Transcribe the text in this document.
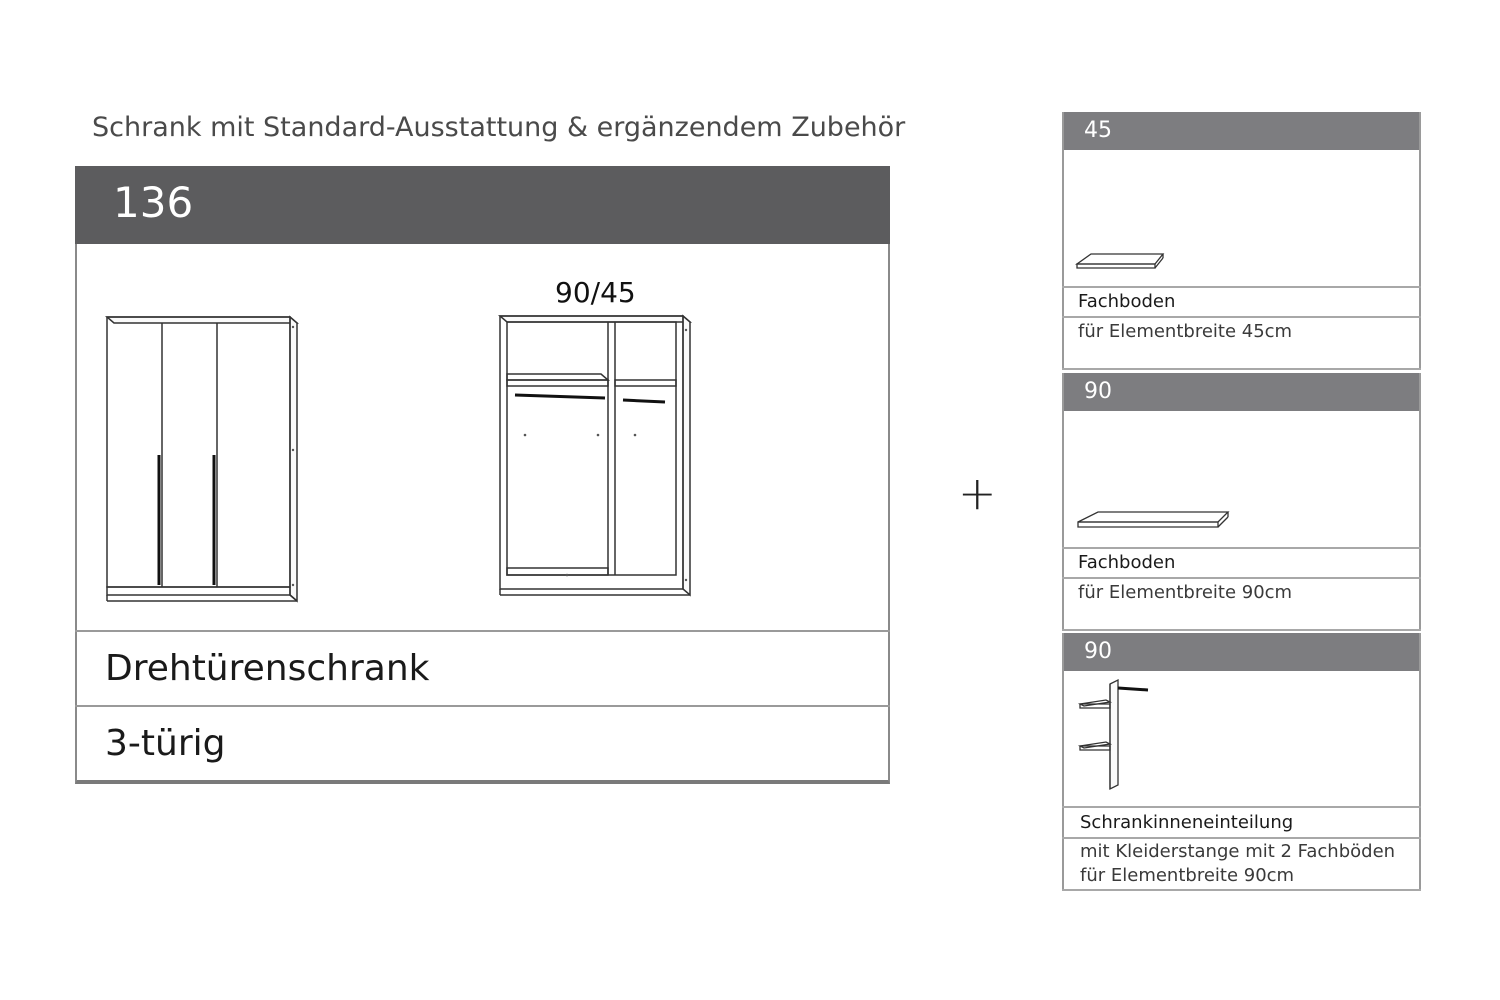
Schrank mit Standard-Ausstattung & ergänzendem Zubehör
136
90/45
Drehtürenschrank
3-türig
+
45
Fachboden
für Elementbreite 45cm
90
Fachboden
für Elementbreite 90cm
90
Schrankinneneinteilung
mit Kleiderstange mit 2 Fachböden
für Elementbreite 90cm
